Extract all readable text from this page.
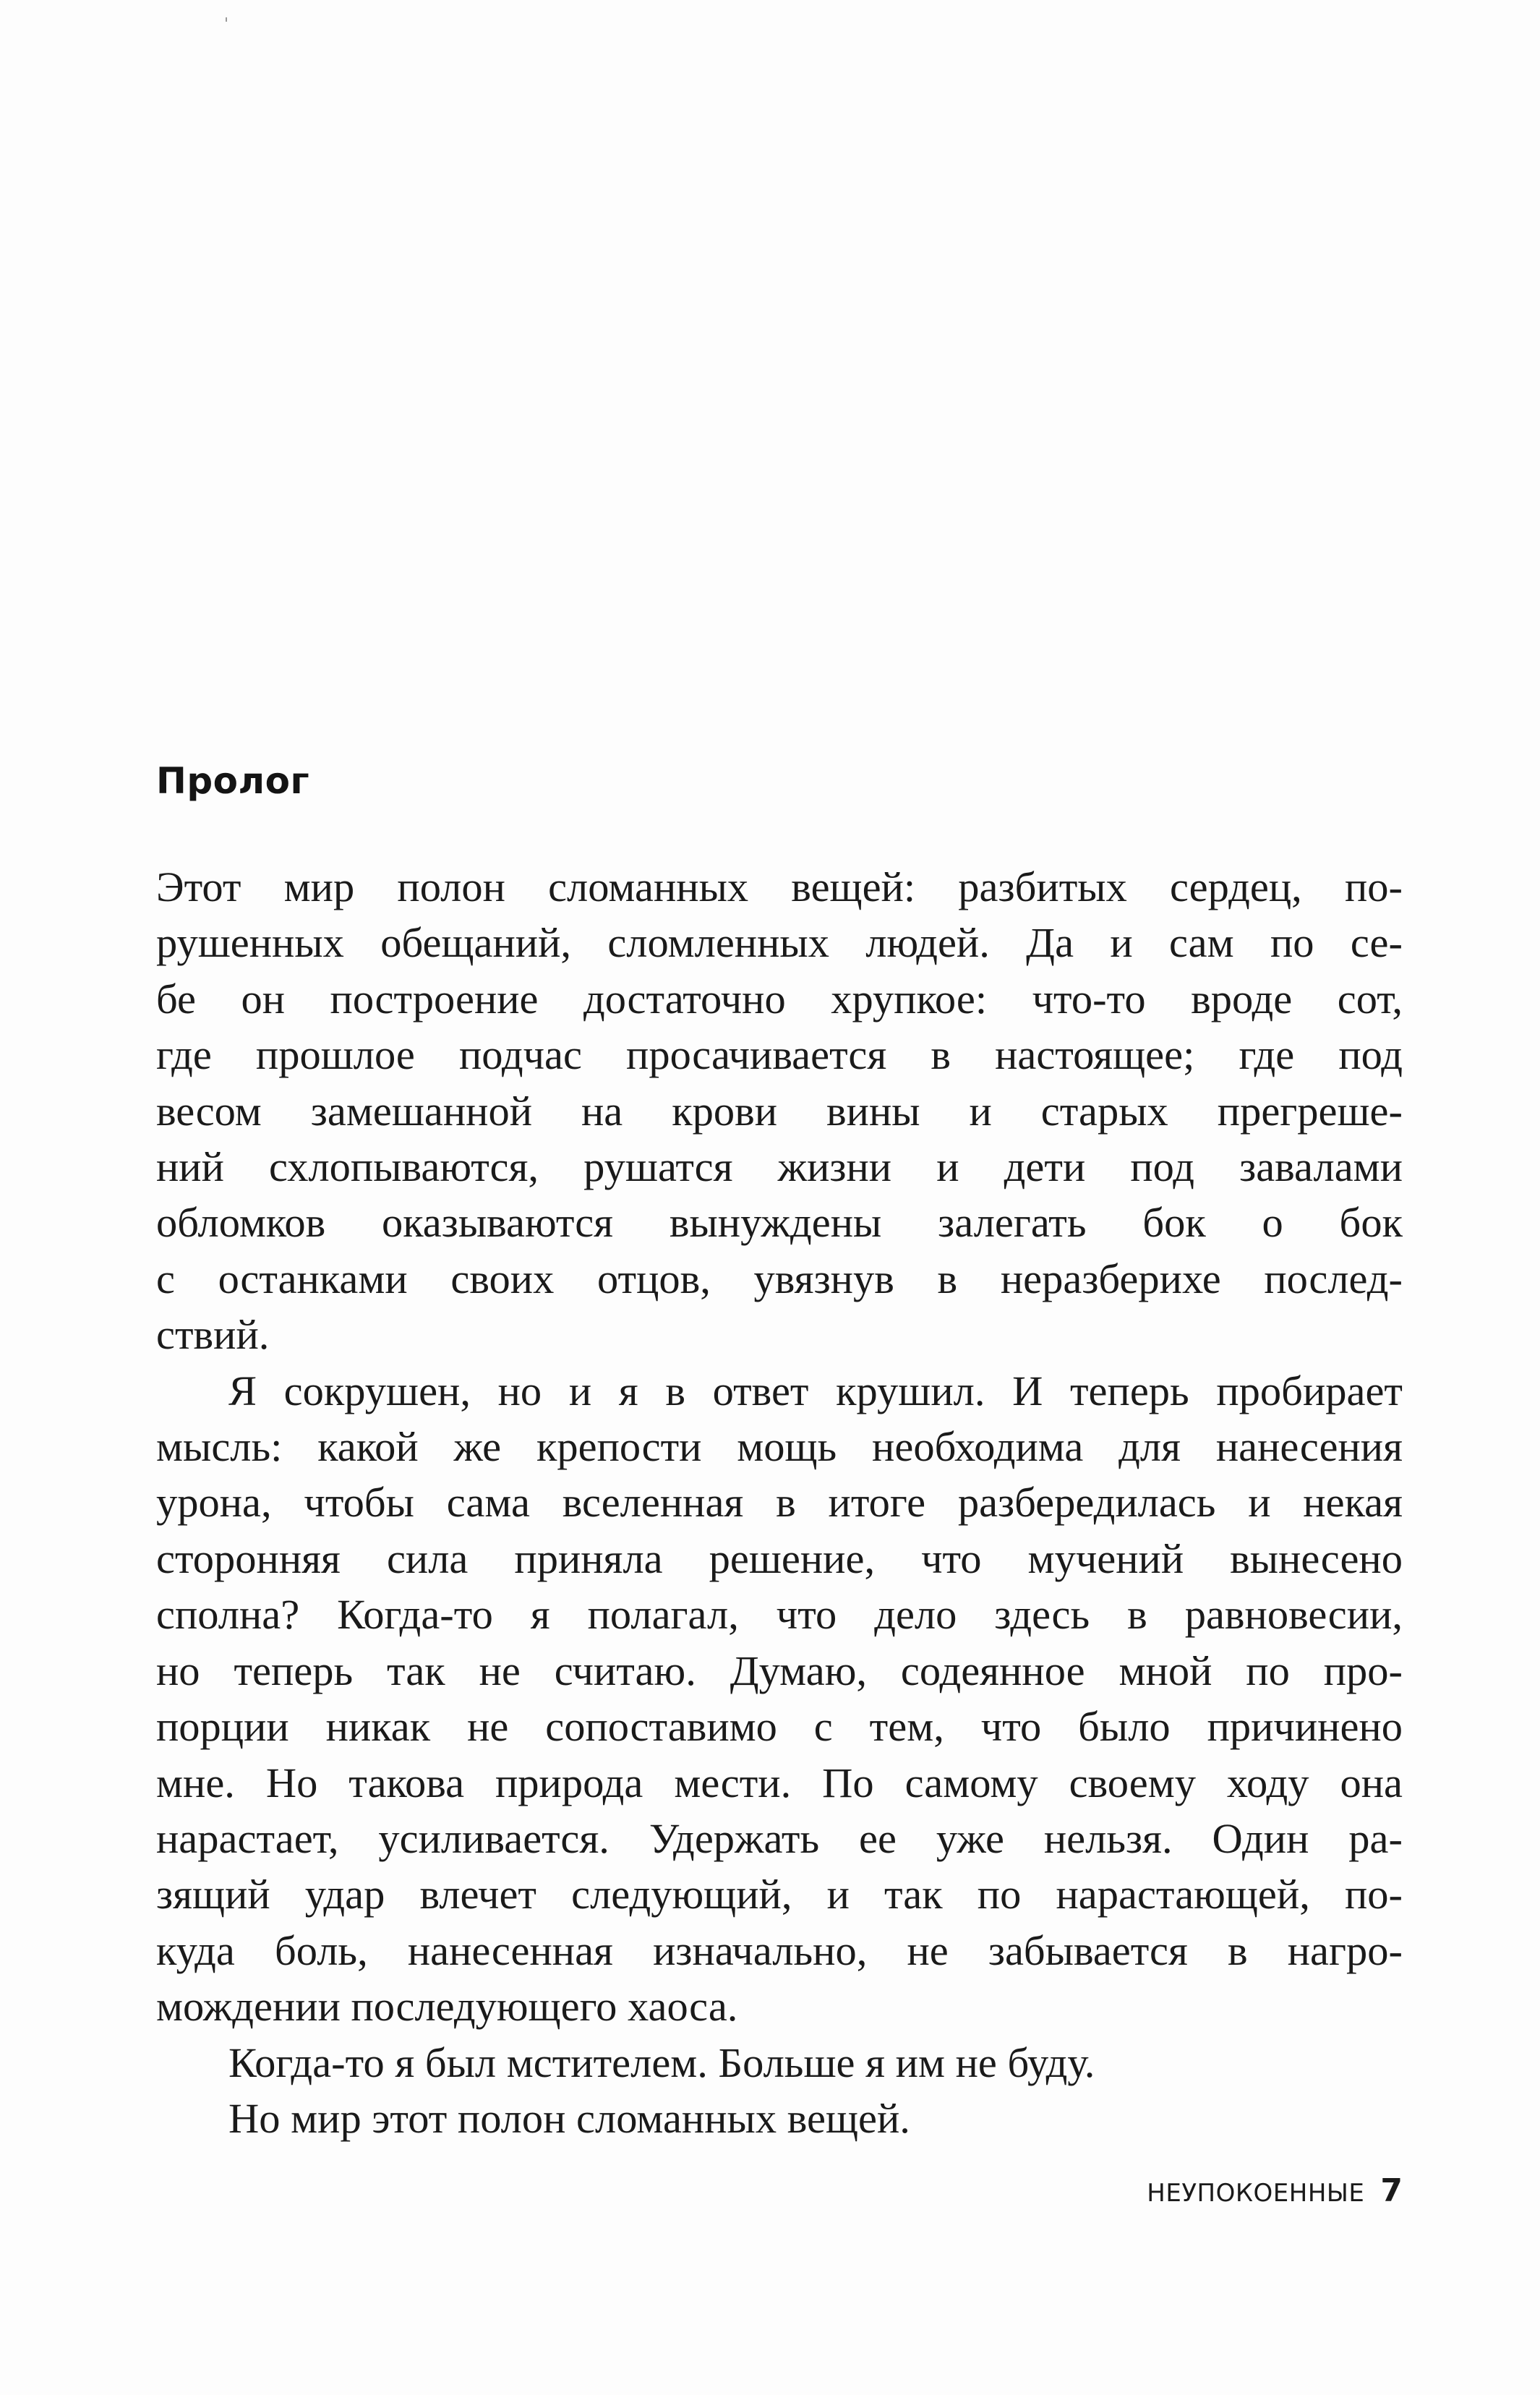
Пролог
Этот мир полон сломанных вещей: разбитых сердец, по-
рушенных обещаний, сломленных людей. Да и сам по се-
бе он построение достаточно хрупкое: что-то вроде сот,
где прошлое подчас просачивается в настоящее; где под
весом замешанной на крови вины и старых прегреше-
ний схлопываются, рушатся жизни и дети под завалами
обломков оказываются вынуждены залегать бок о бок
с останками своих отцов, увязнув в неразберихе послед-
ствий.
Я сокрушен, но и я в ответ крушил. И теперь пробирает
мысль: какой же крепости мощь необходима для нанесения
урона, чтобы сама вселенная в итоге разбередилась и некая
сторонняя сила приняла решение, что мучений вынесено
сполна? Когда-то я полагал, что дело здесь в равновесии,
но теперь так не считаю. Думаю, содеянное мной по про-
порции никак не сопоставимо с тем, что было причинено
мне. Но такова природа мести. По самому своему ходу она
нарастает, усиливается. Удержать ее уже нельзя. Один ра-
зящий удар влечет следующий, и так по нарастающей, по-
куда боль, нанесенная изначально, не забывается в нагро-
мождении последующего хаоса.
Когда-то я был мстителем. Больше я им не буду.
Но мир этот полон сломанных вещей.
НЕУПОКОЕННЫЕ 7
